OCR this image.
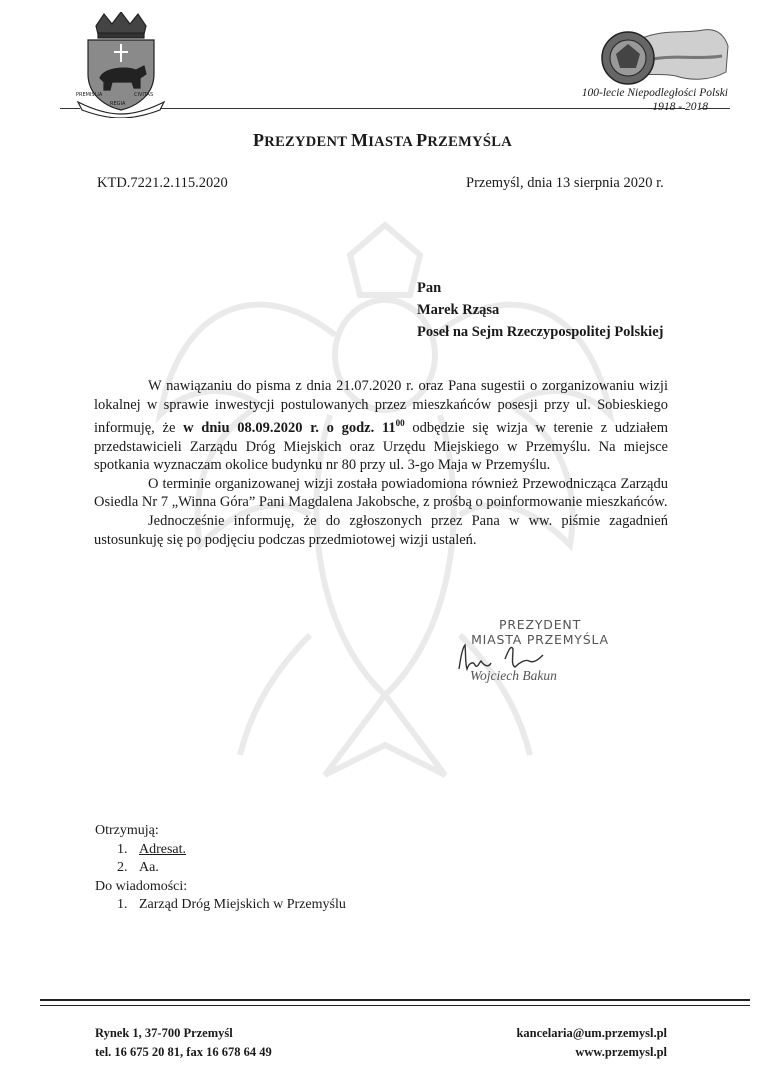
PREMISLIA
REGIA
CIVITAS	100-lecie Niepodległości Polski
1918 - 2018
PREZYDENT MIASTA PRZEMYŚLA
KTD.7221.2.115.2020	Przemyśl, dnia 13 sierpnia 2020 r.
Pan
Marek Rząsa
Poseł na Sejm Rzeczypospolitej Polskiej

W nawiązaniu do pisma z dnia 21.07.2020 r. oraz Pana sugestii o zorganizowaniu wizji lokalnej w sprawie inwestycji postulowanych przez mieszkańców posesji przy ul. Sobieskiego informuję, że w dniu 08.09.2020 r. o godz. $11^{00}$ odbędzie się wizja w terenie z udziałem przedstawicieli Zarządu Dróg Miejskich oraz Urzędu Miejskiego w Przemyślu. Na miejsce spotkania wyznaczam okolice budynku nr 80 przy ul. 3-go Maja w Przemyślu.

O terminie organizowanej wizji została powiadomiona również Przewodnicząca Zarządu Osiedla Nr 7 „Winna Góra” Pani Magdalena Jakobsche, z prośbą o poinformowanie mieszkańców.

Jednocześnie informuję, że do zgłoszonych przez Pana w ww. piśmie zagadnień ustosunkuję się po podjęciu podczas przedmiotowej wizji ustaleń.

PREZYDENT
MIASTA PRZEMYŚLA
Wojciech Bakun
Otrzymują:
1. Adresat.
2. Aa.
Do wiadomości:
1. Zarząd Dróg Miejskich w Przemyślu
Rynek 1, 37-700 Przemyśl
tel. 16 675 20 81, fax 16 678 64 49
kancelaria@um.przemysl.pl
www.przemysl.pl
